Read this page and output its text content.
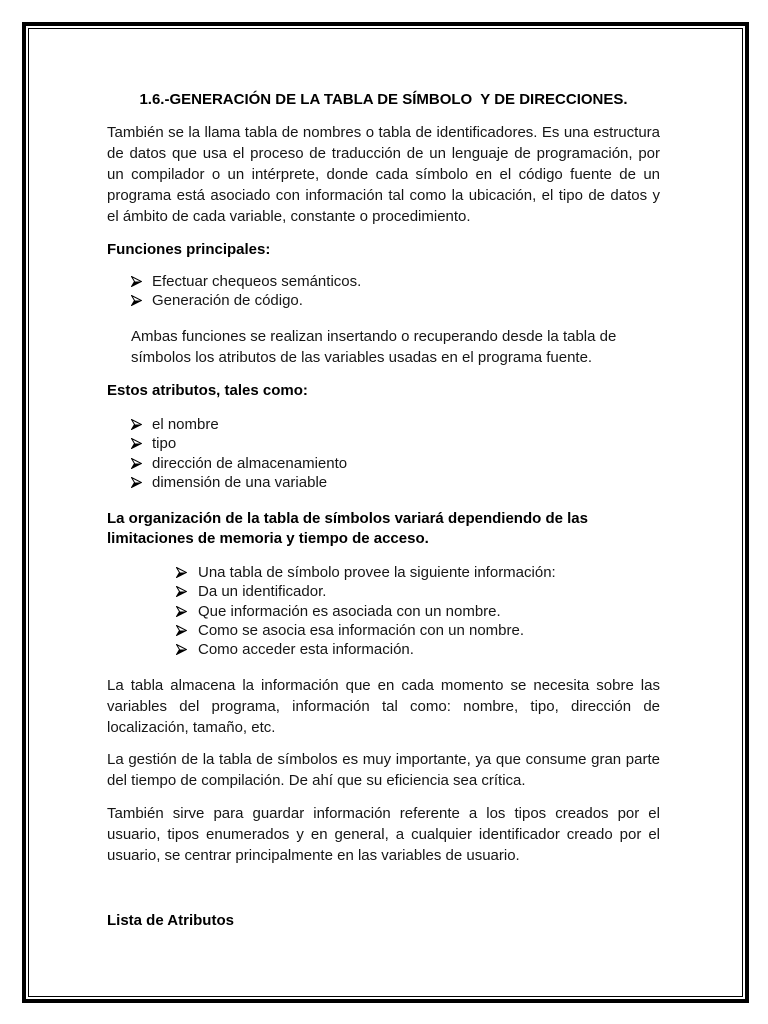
1.6.-GENERACIÓN DE LA TABLA DE SÍMBOLO  Y DE DIRECCIONES.
También se la llama tabla de nombres o tabla de identificadores. Es una estructura
de datos que usa el proceso de traducción de un lenguaje de programación, por
un compilador o un intérprete, donde cada símbolo en el código fuente de un
programa está asociado con información tal como la ubicación, el tipo de datos y
el ámbito de cada variable, constante o procedimiento.
Funciones principales:
Efectuar chequeos semánticos.
Generación de código.
Ambas funciones se realizan insertando o recuperando desde la tabla de
símbolos los atributos de las variables usadas en el programa fuente.
Estos atributos, tales como:
el nombre
tipo
dirección de almacenamiento
dimensión de una variable
La organización de la tabla de símbolos variará dependiendo de las
limitaciones de memoria y tiempo de acceso.
Una tabla de símbolo provee la siguiente información:
Da un identificador.
Que información es asociada con un nombre.
Como se asocia esa información con un nombre.
Como acceder esta información.
La tabla almacena la información que en cada momento se necesita sobre las
variables del programa, información tal como: nombre, tipo, dirección de
localización, tamaño, etc.
La gestión de la tabla de símbolos es muy importante, ya que consume gran parte
del tiempo de compilación. De ahí que su eficiencia sea crítica.
También sirve para guardar información referente a los tipos creados por el
usuario, tipos enumerados y en general, a cualquier identificador creado por el
usuario, se centrar principalmente en las variables de usuario.
Lista de Atributos
